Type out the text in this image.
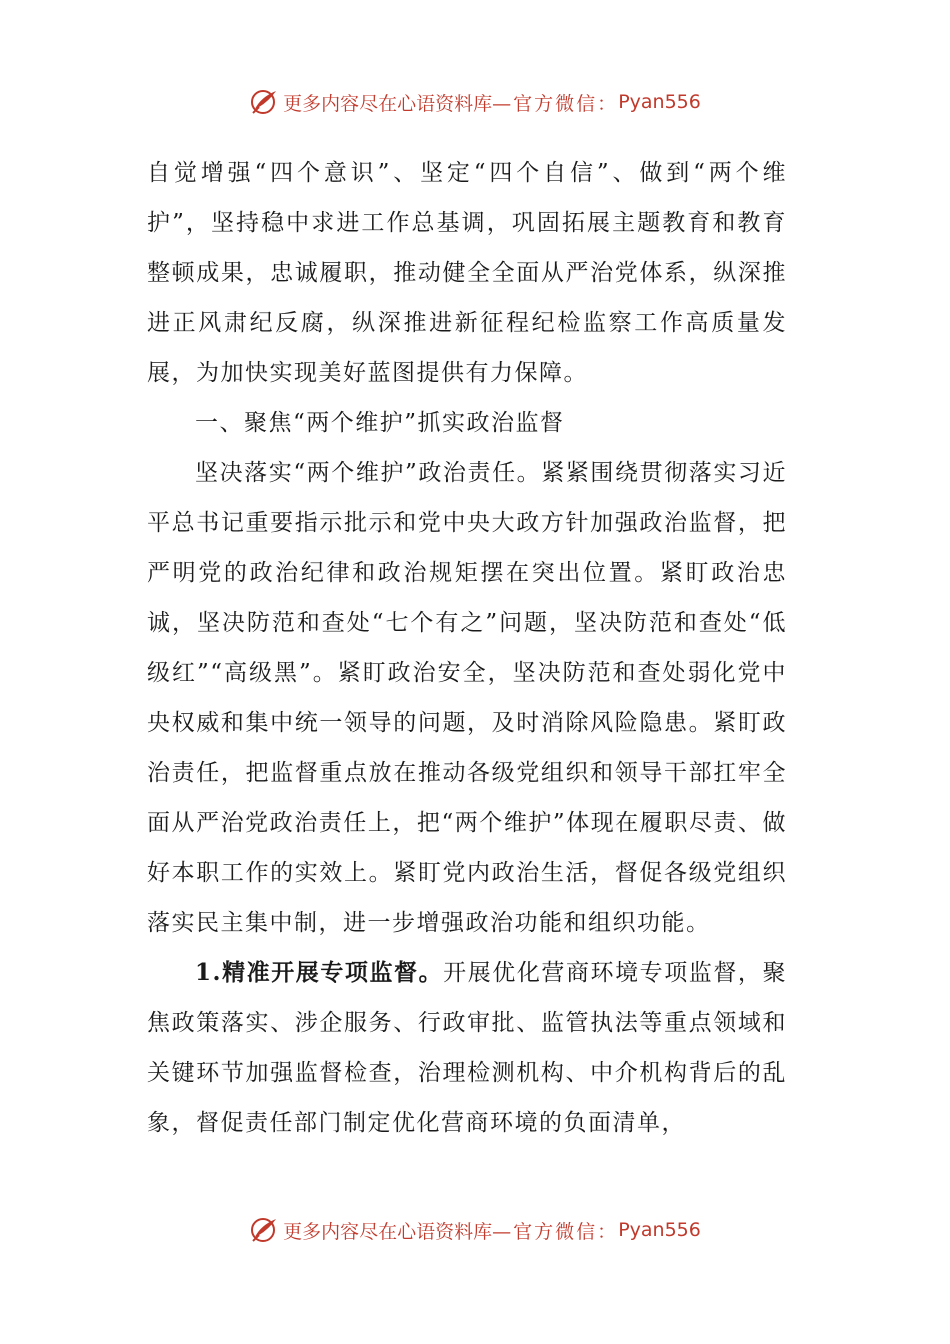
更多内容尽在心语资料库 —官方微信： Pyan556

自觉增强“四个意识”、坚定“四个自信”、做到“两个维护”，坚持稳中求进工作总基调，巩固拓展主题教育和教育整顿成果，忠诚履职，推动健全全面从严治党体系，纵深推进正风肃纪反腐，纵深推进新征程纪检监察工作高质量发展，为加快实现美好蓝图提供有力保障。

一、聚焦“两个维护”抓实政治监督

坚决落实“两个维护”政治责任。紧紧围绕贯彻落实习近平总书记重要指示批示和党中央大政方针加强政治监督，把严明党的政治纪律和政治规矩摆在突出位置。紧盯政治忠诚，坚决防范和查处“七个有之”问题，坚决防范和查处“低级红”“高级黑”。紧盯政治安全，坚决防范和查处弱化党中央权威和集中统一领导的问题，及时消除风险隐患。紧盯政治责任，把监督重点放在推动各级党组织和领导干部扛牢全面从严治党政治责任上，把“两个维护”体现在履职尽责、做好本职工作的实效上。紧盯党内政治生活，督促各级党组织落实民主集中制，进一步增强政治功能和组织功能。

1.精准开展专项监督。开展优化营商环境专项监督，聚焦政策落实、涉企服务、行政审批、监管执法等重点领域和关键环节加强监督检查，治理检测机构、中介机构背后的乱象，督促责任部门制定优化营商环境的负面清单，

更多内容尽在心语资料库 —官方微信： Pyan556
